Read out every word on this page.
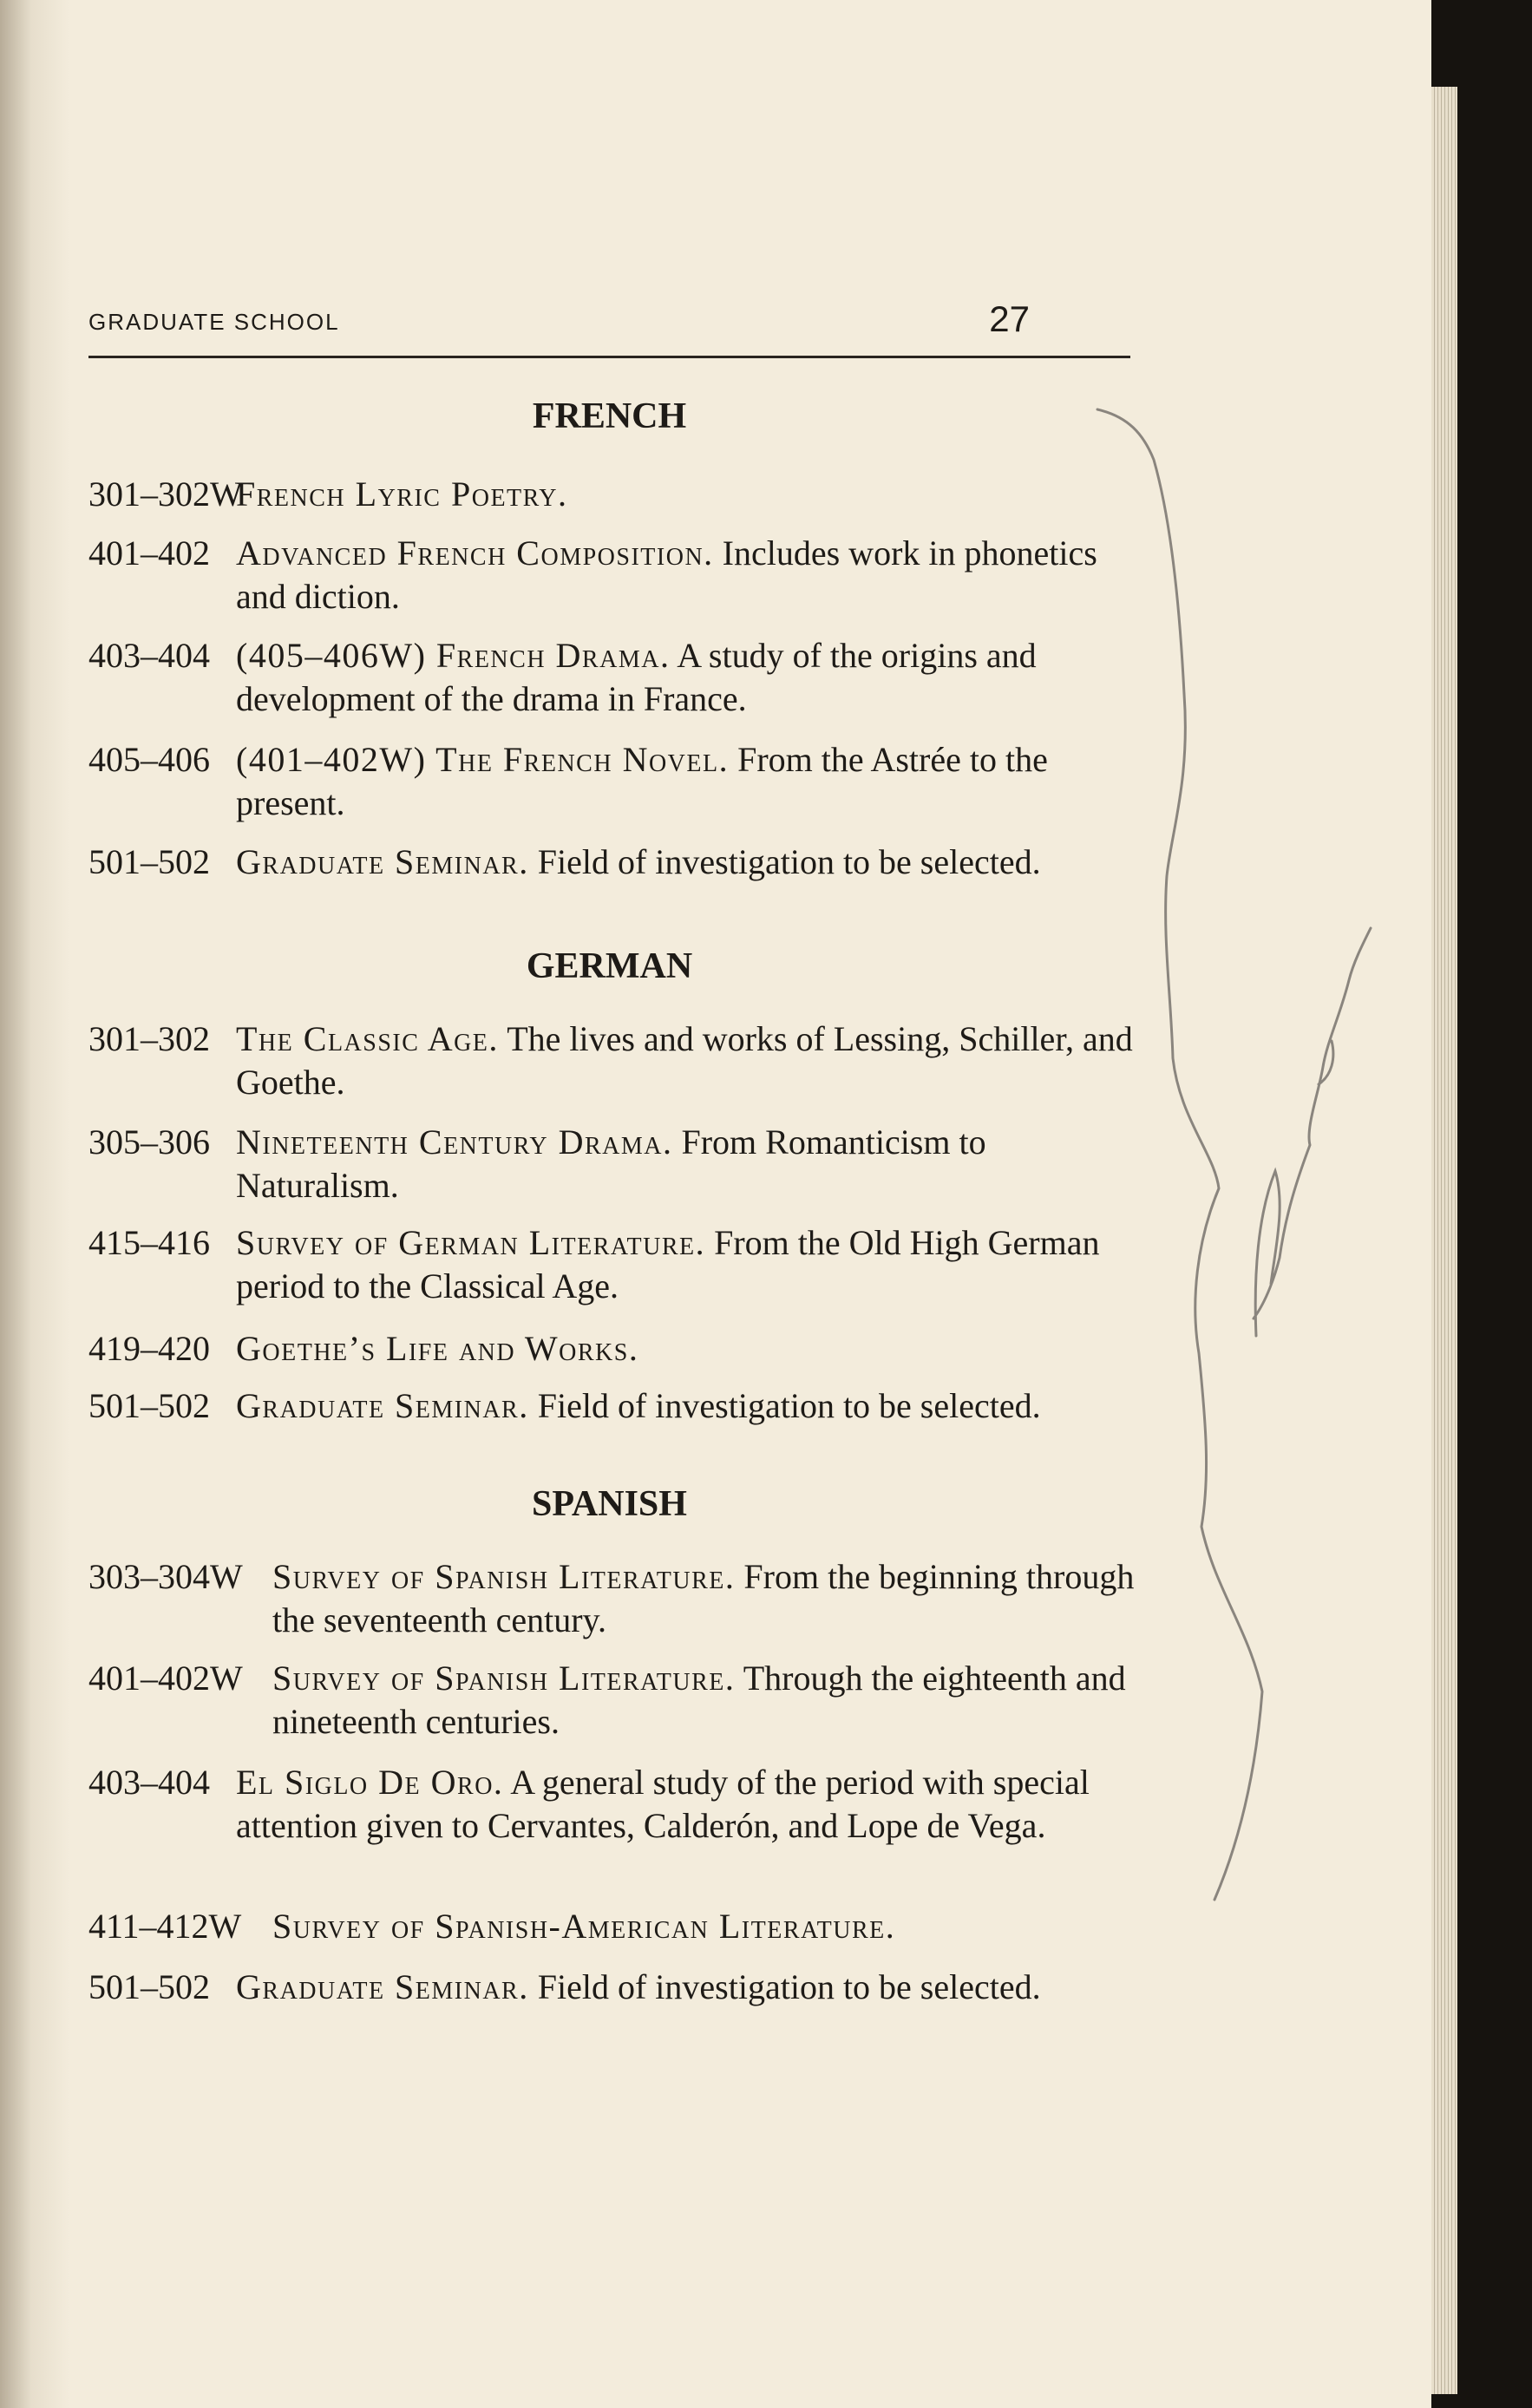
GRADUATE SCHOOL	27
FRENCH
301–302W
French Lyric Poetry.
401–402 Advanced French Composition. Includes work in phonetics and diction.
403–404 (405–406W) French Drama. A study of the origins and development of the drama in France.
405–406 (401–402W) The French Novel. From the Astrée to the present.
501–502 Graduate Seminar. Field of investigation to be selected.
GERMAN
301–302 The Classic Age. The lives and works of Lessing, Schiller, and Goethe.
305–306 Nineteenth Century Drama. From Romanticism to Naturalism.
415–416 Survey of German Literature. From the Old High German period to the Classical Age.
419–420 Goethe’s Life and Works.
501–502 Graduate Seminar. Field of investigation to be selected.
SPANISH
303–304W Survey of Spanish Literature. From the beginning through the seventeenth century.
401–402W Survey of Spanish Literature. Through the eighteenth and nineteenth centuries.
403–404 El Siglo De Oro. A general study of the period with special attention given to Cervantes, Calderón, and Lope de Vega.
411–412W Survey of Spanish-American Literature.
501–502 Graduate Seminar. Field of investigation to be selected.
